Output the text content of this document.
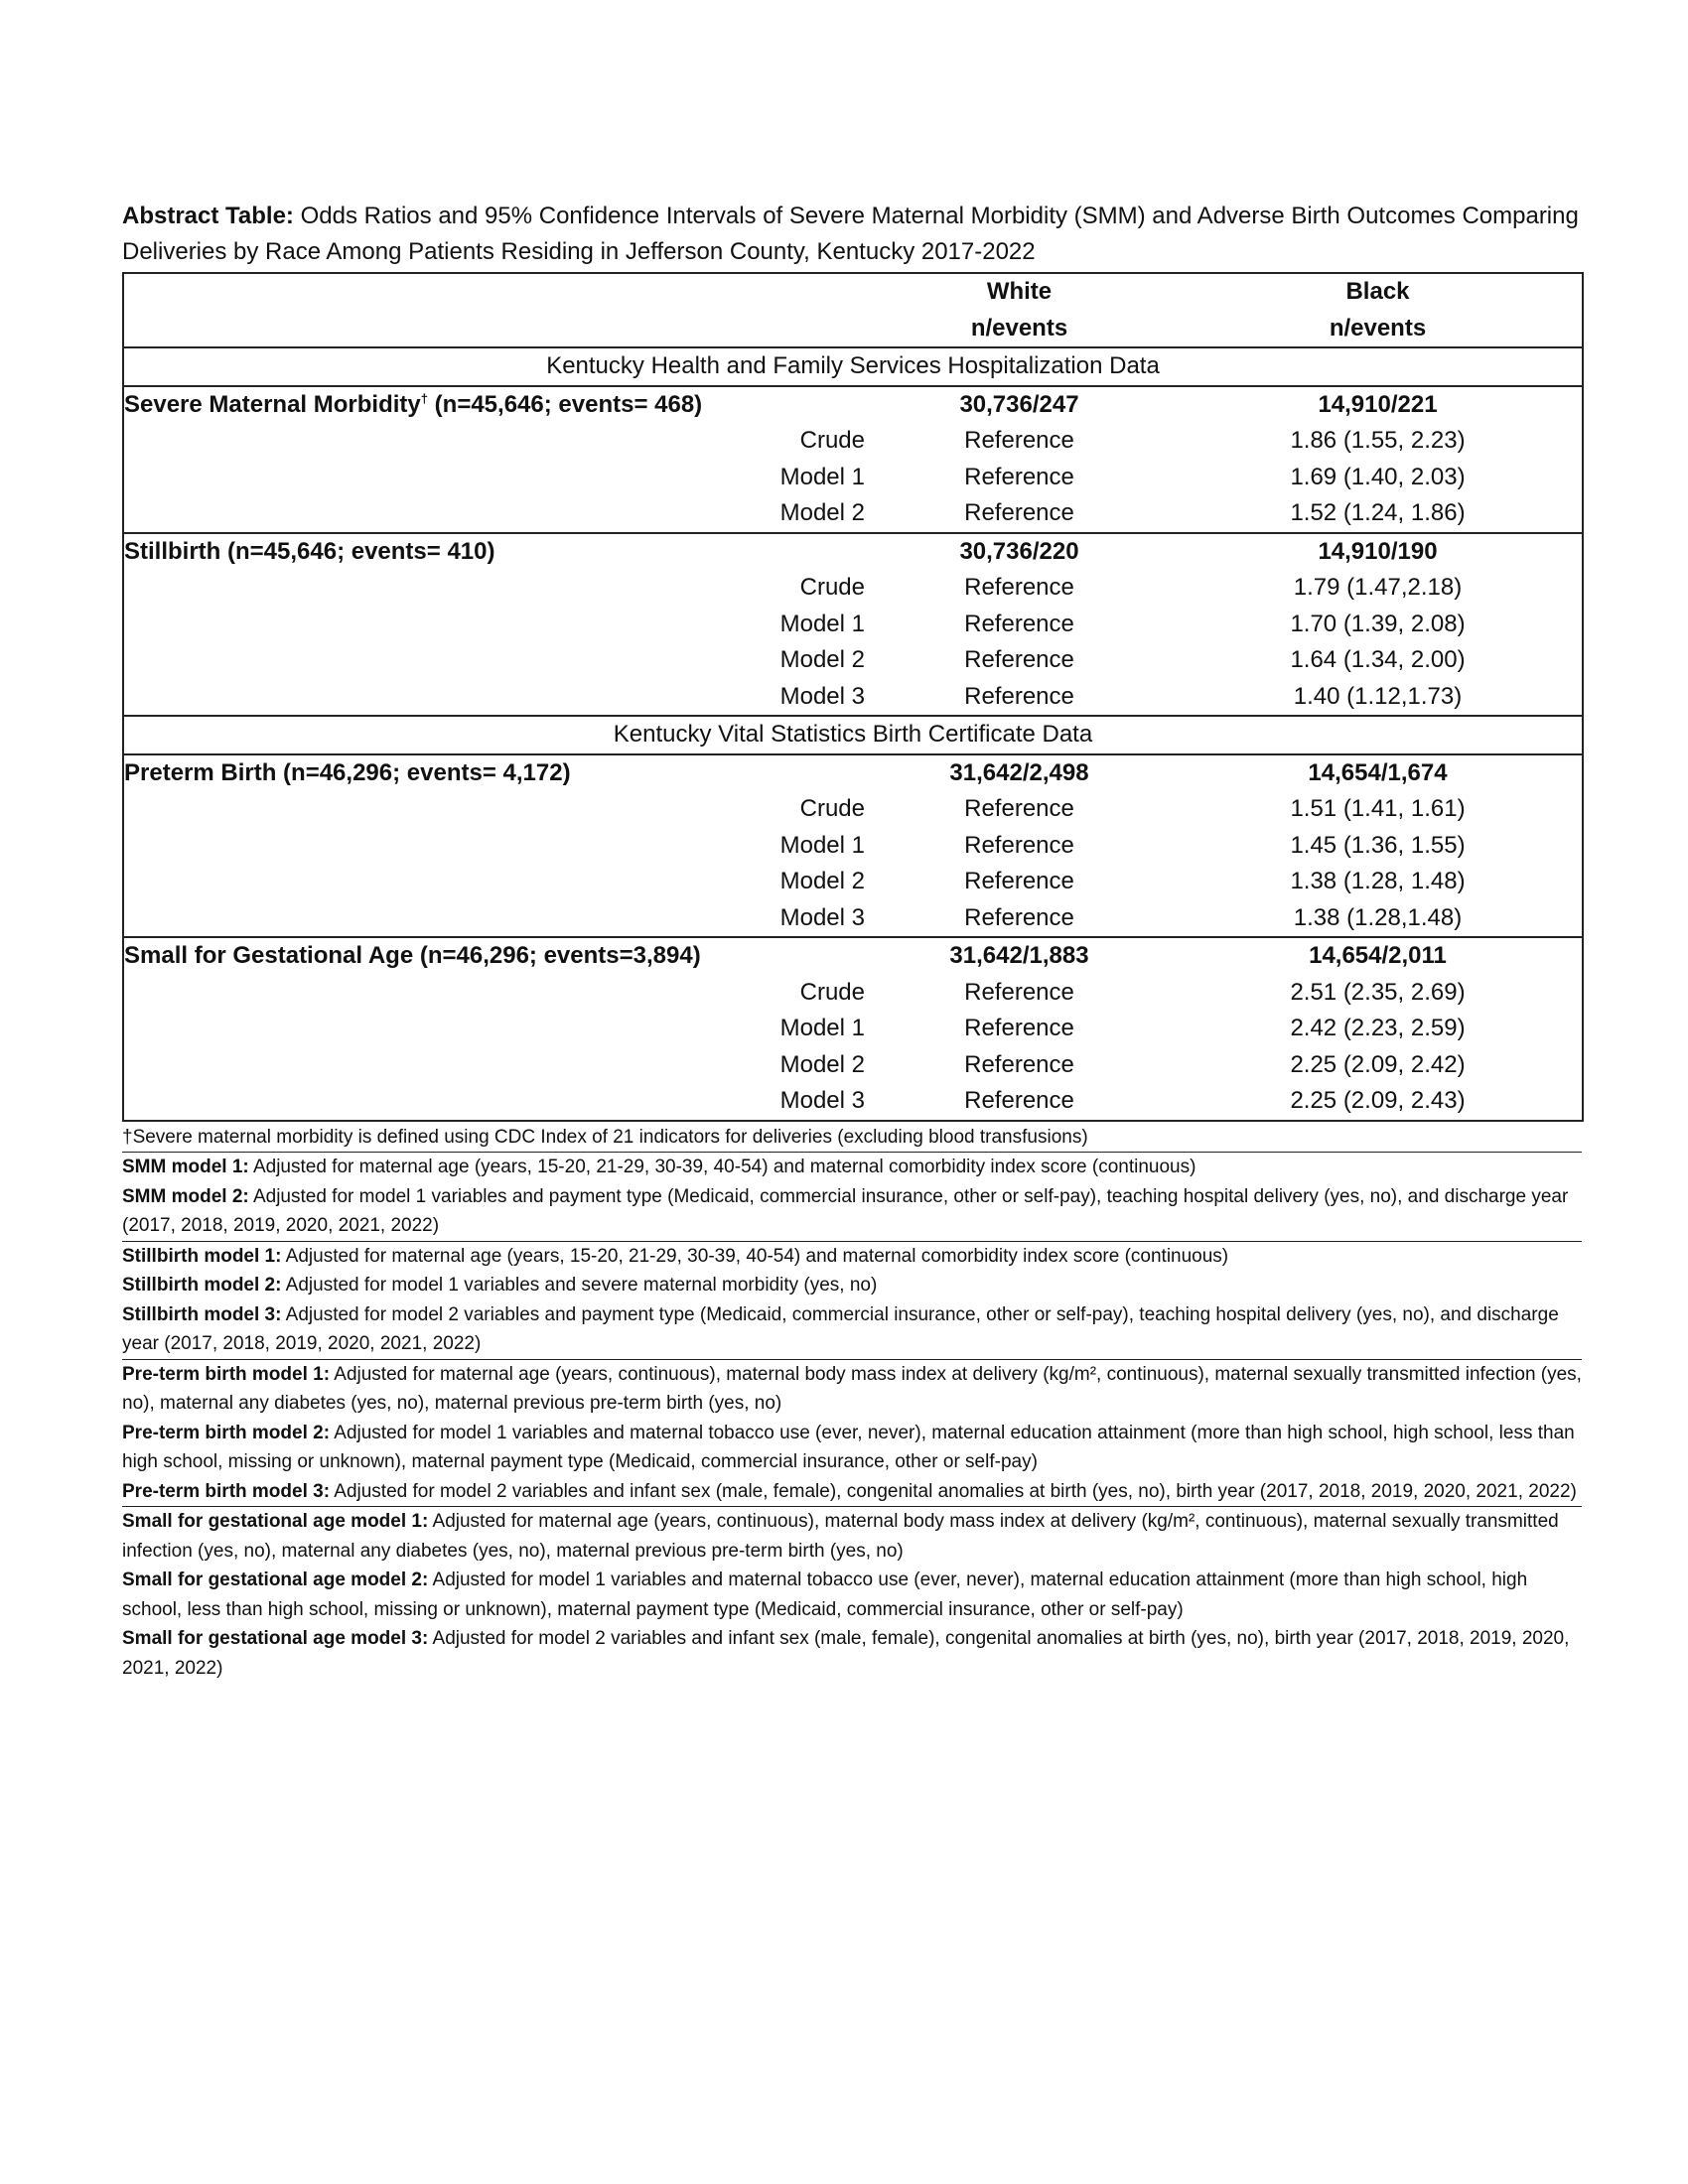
Abstract Table: Odds Ratios and 95% Confidence Intervals of Severe Maternal Morbidity (SMM) and Adverse Birth Outcomes Comparing Deliveries by Race Among Patients Residing in Jefferson County, Kentucky 2017-2022
	White	Black
	n/events	n/events
Kentucky Health and Family Services Hospitalization Data		
Severe Maternal Morbidity† (n=45,646; events= 468)	30,736/247	14,910/221
Crude	Reference	1.86 (1.55, 2.23)
Model 1	Reference	1.69 (1.40, 2.03)
Model 2	Reference	1.52 (1.24, 1.86)
Stillbirth (n=45,646; events= 410)	30,736/220	14,910/190
Crude	Reference	1.79 (1.47,2.18)
Model 1	Reference	1.70 (1.39, 2.08)
Model 2	Reference	1.64 (1.34, 2.00)
Model 3	Reference	1.40 (1.12,1.73)
Kentucky Vital Statistics Birth Certificate Data		
Preterm Birth (n=46,296; events= 4,172)	31,642/2,498	14,654/1,674
Crude	Reference	1.51 (1.41, 1.61)
Model 1	Reference	1.45 (1.36, 1.55)
Model 2	Reference	1.38 (1.28, 1.48)
Model 3	Reference	1.38 (1.28,1.48)
Small for Gestational Age (n=46,296; events=3,894)	31,642/1,883	14,654/2,011
Crude	Reference	2.51 (2.35, 2.69)
Model 1	Reference	2.42 (2.23, 2.59)
Model 2	Reference	2.25 (2.09, 2.42)
Model 3	Reference	2.25 (2.09, 2.43)

†Severe maternal morbidity is defined using CDC Index of 21 indicators for deliveries (excluding blood transfusions)

SMM model 1: Adjusted for maternal age (years, 15-20, 21-29, 30-39, 40-54) and maternal comorbidity index score (continuous)

SMM model 2: Adjusted for model 1 variables and payment type (Medicaid, commercial insurance, other or self-pay), teaching hospital delivery (yes, no), and discharge year (2017, 2018, 2019, 2020, 2021, 2022)

Stillbirth model 1: Adjusted for maternal age (years, 15-20, 21-29, 30-39, 40-54) and maternal comorbidity index score (continuous)

Stillbirth model 2: Adjusted for model 1 variables and severe maternal morbidity (yes, no)

Stillbirth model 3: Adjusted for model 2 variables and payment type (Medicaid, commercial insurance, other or self-pay), teaching hospital delivery (yes, no), and discharge year (2017, 2018, 2019, 2020, 2021, 2022)

Pre-term birth model 1: Adjusted for maternal age (years, continuous), maternal body mass index at delivery (kg/m², continuous), maternal sexually transmitted infection (yes, no), maternal any diabetes (yes, no), maternal previous pre-term birth (yes, no)

Pre-term birth model 2: Adjusted for model 1 variables and maternal tobacco use (ever, never), maternal education attainment (more than high school, high school, less than high school, missing or unknown), maternal payment type (Medicaid, commercial insurance, other or self-pay)

Pre-term birth model 3: Adjusted for model 2 variables and infant sex (male, female), congenital anomalies at birth (yes, no), birth year (2017, 2018, 2019, 2020, 2021, 2022)

Small for gestational age model 1: Adjusted for maternal age (years, continuous), maternal body mass index at delivery (kg/m², continuous), maternal sexually transmitted infection (yes, no), maternal any diabetes (yes, no), maternal previous pre-term birth (yes, no)

Small for gestational age model 2: Adjusted for model 1 variables and maternal tobacco use (ever, never), maternal education attainment (more than high school, high school, less than high school, missing or unknown), maternal payment type (Medicaid, commercial insurance, other or self-pay)

Small for gestational age model 3: Adjusted for model 2 variables and infant sex (male, female), congenital anomalies at birth (yes, no), birth year (2017, 2018, 2019, 2020, 2021, 2022)
